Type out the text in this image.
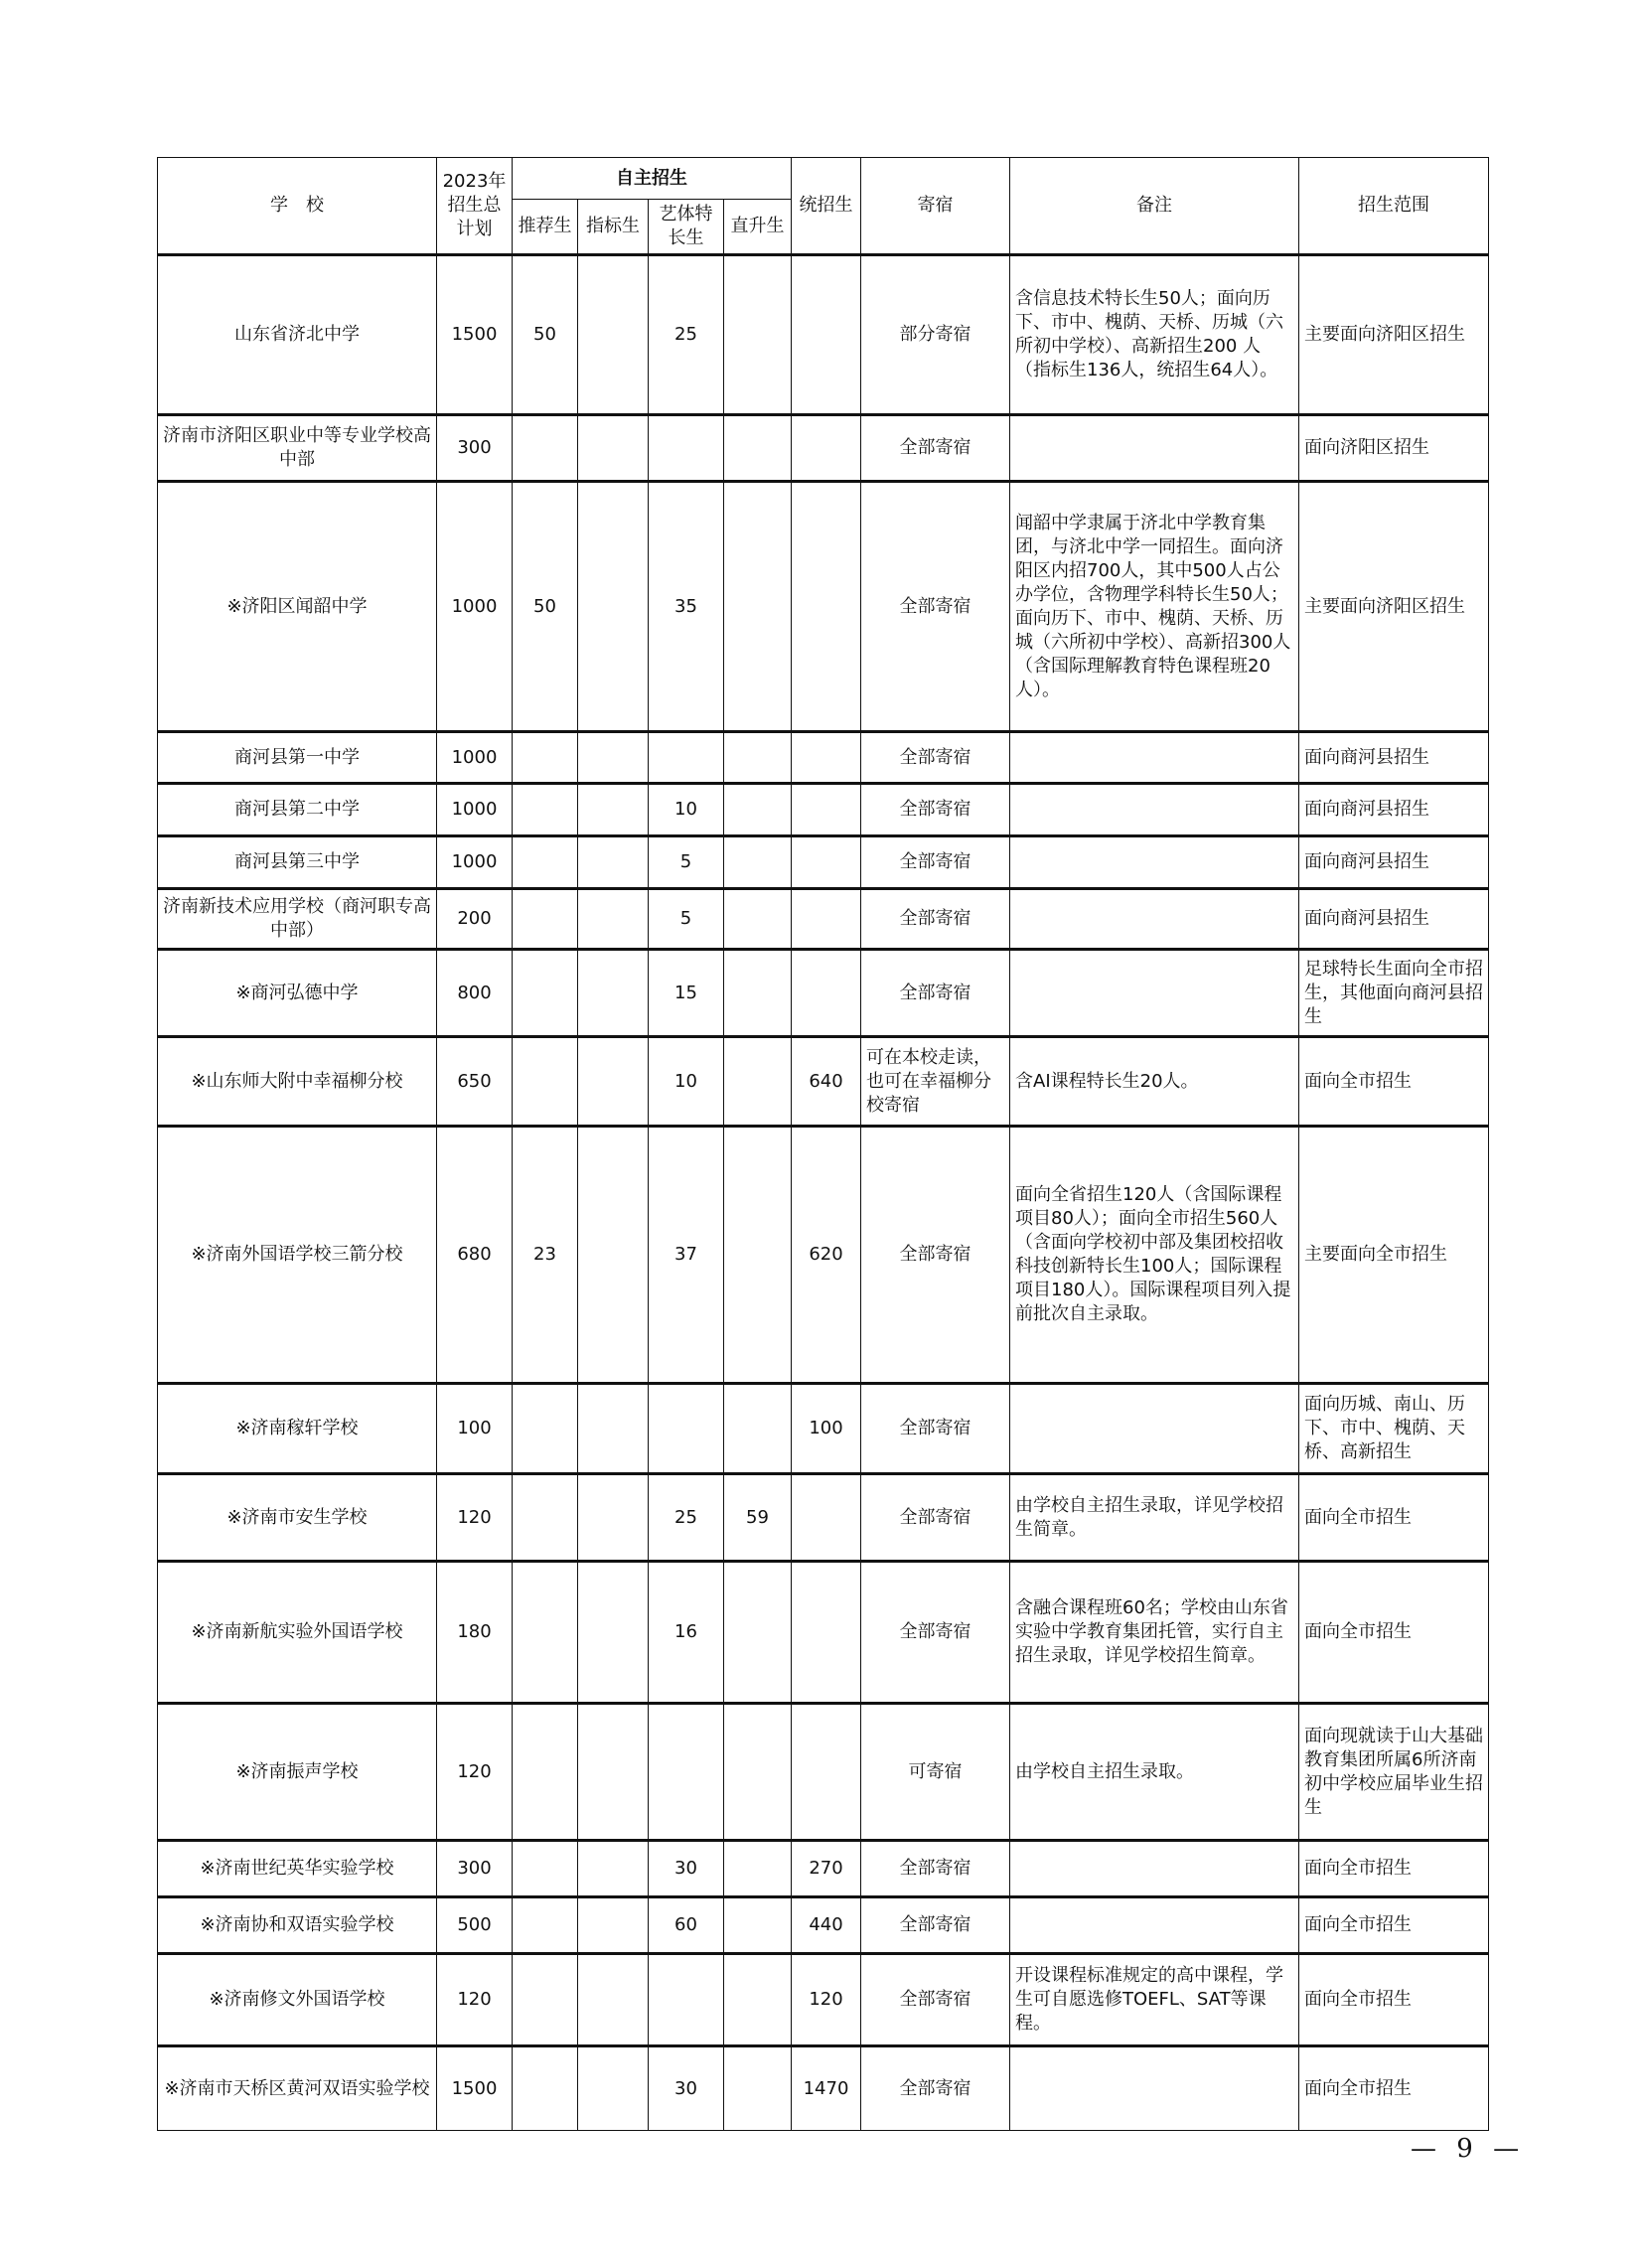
学　校	2023年招生总计划	自主招生				统招生	寄宿	备注	招生范围
		推荐生	指标生	艺体特长生	直升生				
山东省济北中学	1500	50		25			部分寄宿	含信息技术特长生50人；面向历下、市中、槐荫、天桥、历城（六所初中学校）、高新招生200 人（指标生136人，统招生64人）。	主要面向济阳区招生
济南市济阳区职业中等专业学校高中部	300						全部寄宿		面向济阳区招生
※济阳区闻韶中学	1000	50		35			全部寄宿	闻韶中学隶属于济北中学教育集团，与济北中学一同招生。面向济阳区内招700人，其中500人占公办学位，含物理学科特长生50人；面向历下、市中、槐荫、天桥、历城（六所初中学校）、高新招300人（含国际理解教育特色课程班20人）。	主要面向济阳区招生
商河县第一中学	1000						全部寄宿		面向商河县招生
商河县第二中学	1000			10			全部寄宿		面向商河县招生
商河县第三中学	1000			5			全部寄宿		面向商河县招生
济南新技术应用学校（商河职专高中部）	200			5			全部寄宿		面向商河县招生
※商河弘德中学	800			15			全部寄宿		足球特长生面向全市招生，其他面向商河县招生
※山东师大附中幸福柳分校	650			10		640	可在本校走读，也可在幸福柳分校寄宿	含AI课程特长生20人。	面向全市招生
※济南外国语学校三箭分校	680	23		37		620	全部寄宿	面向全省招生120人（含国际课程项目80人）；面向全市招生560人（含面向学校初中部及集团校招收科技创新特长生100人；国际课程项目180人）。国际课程项目列入提前批次自主录取。	主要面向全市招生
※济南稼轩学校	100					100	全部寄宿		面向历城、南山、历下、市中、槐荫、天桥、高新招生
※济南市安生学校	120			25	59		全部寄宿	由学校自主招生录取，详见学校招生简章。	面向全市招生
※济南新航实验外国语学校	180			16			全部寄宿	含融合课程班60名；学校由山东省实验中学教育集团托管，实行自主招生录取，详见学校招生简章。	面向全市招生
※济南振声学校	120						可寄宿	由学校自主招生录取。	面向现就读于山大基础教育集团所属6所济南初中学校应届毕业生招生
※济南世纪英华实验学校	300			30		270	全部寄宿		面向全市招生
※济南协和双语实验学校	500			60		440	全部寄宿		面向全市招生
※济南修文外国语学校	120					120	全部寄宿	开设课程标准规定的高中课程，学生可自愿选修TOEFL、SAT等课程。	面向全市招生
※济南市天桥区黄河双语实验学校	1500			30		1470	全部寄宿		面向全市招生
— 9 —
